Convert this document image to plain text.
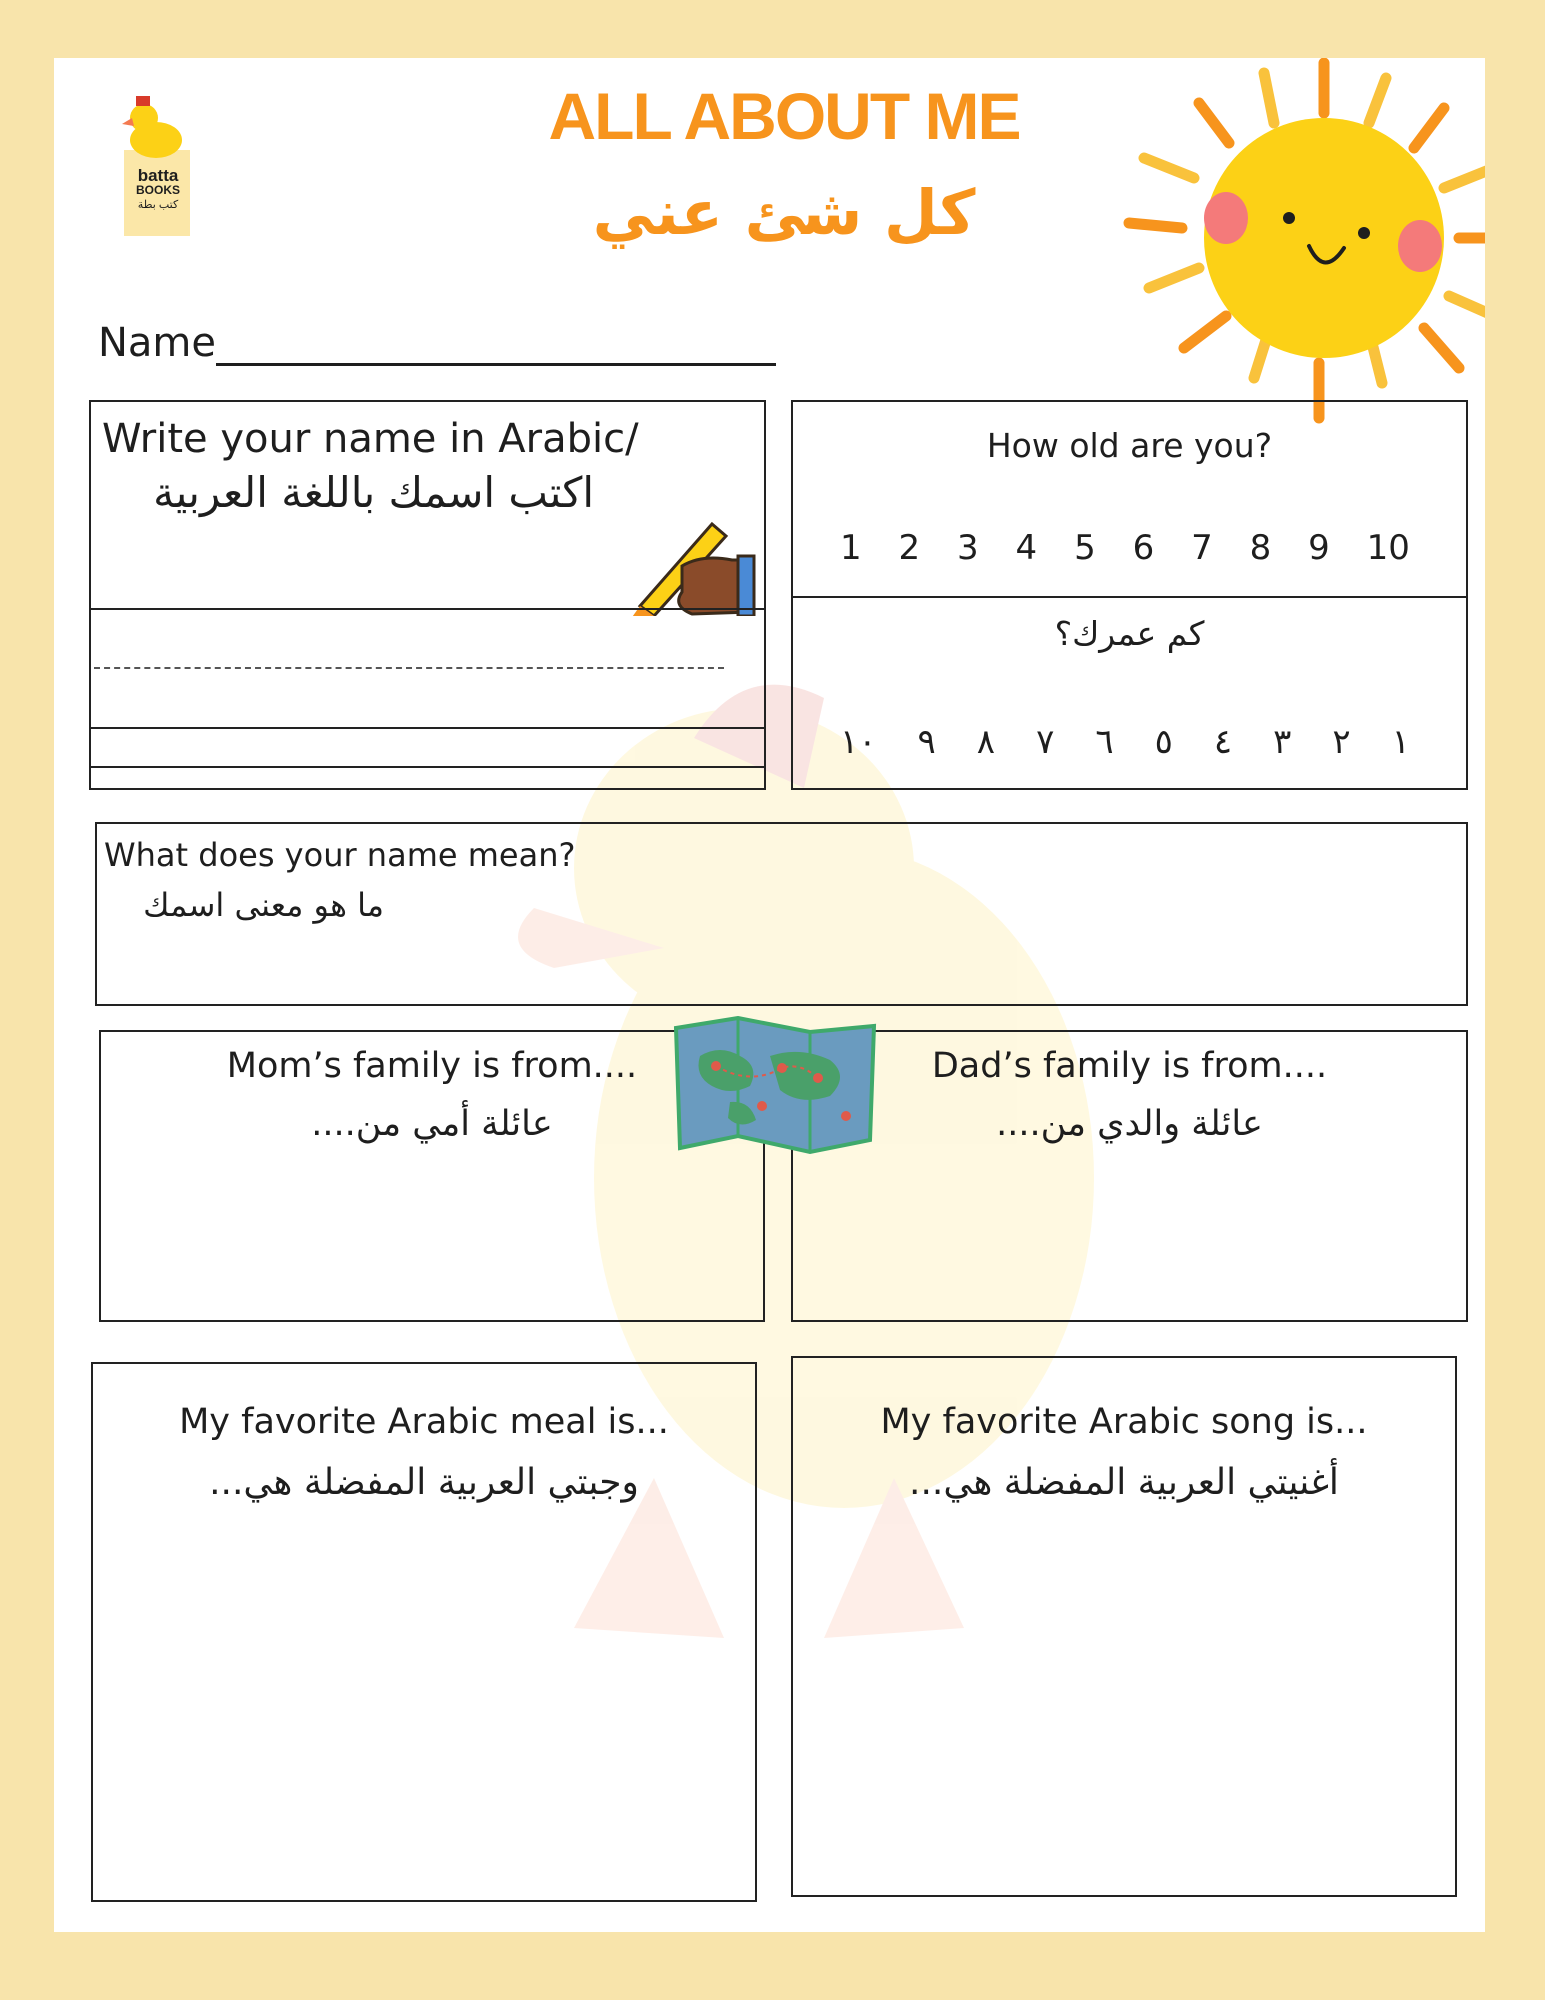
batta
BOOKS
كتب بطة
ALL ABOUT ME
كل شئ عني
Name
Write your name in Arabic/
اكتب اسمك باللغة العربية
How old are you?
1 2 3 4 5 6 7 8 9 10
كم عمرك؟
١٠ ٩ ٨ ٧ ٦ ٥ ٤ ٣ ٢ ١
What does your name mean?
ما هو معنى اسمك
Mom’s family is from....
عائلة أمي من....
Dad’s family is from....
عائلة والدي من....
My favorite Arabic meal is...
وجبتي العربية المفضلة هي...
My favorite Arabic song is...
أغنيتي العربية المفضلة هي...
